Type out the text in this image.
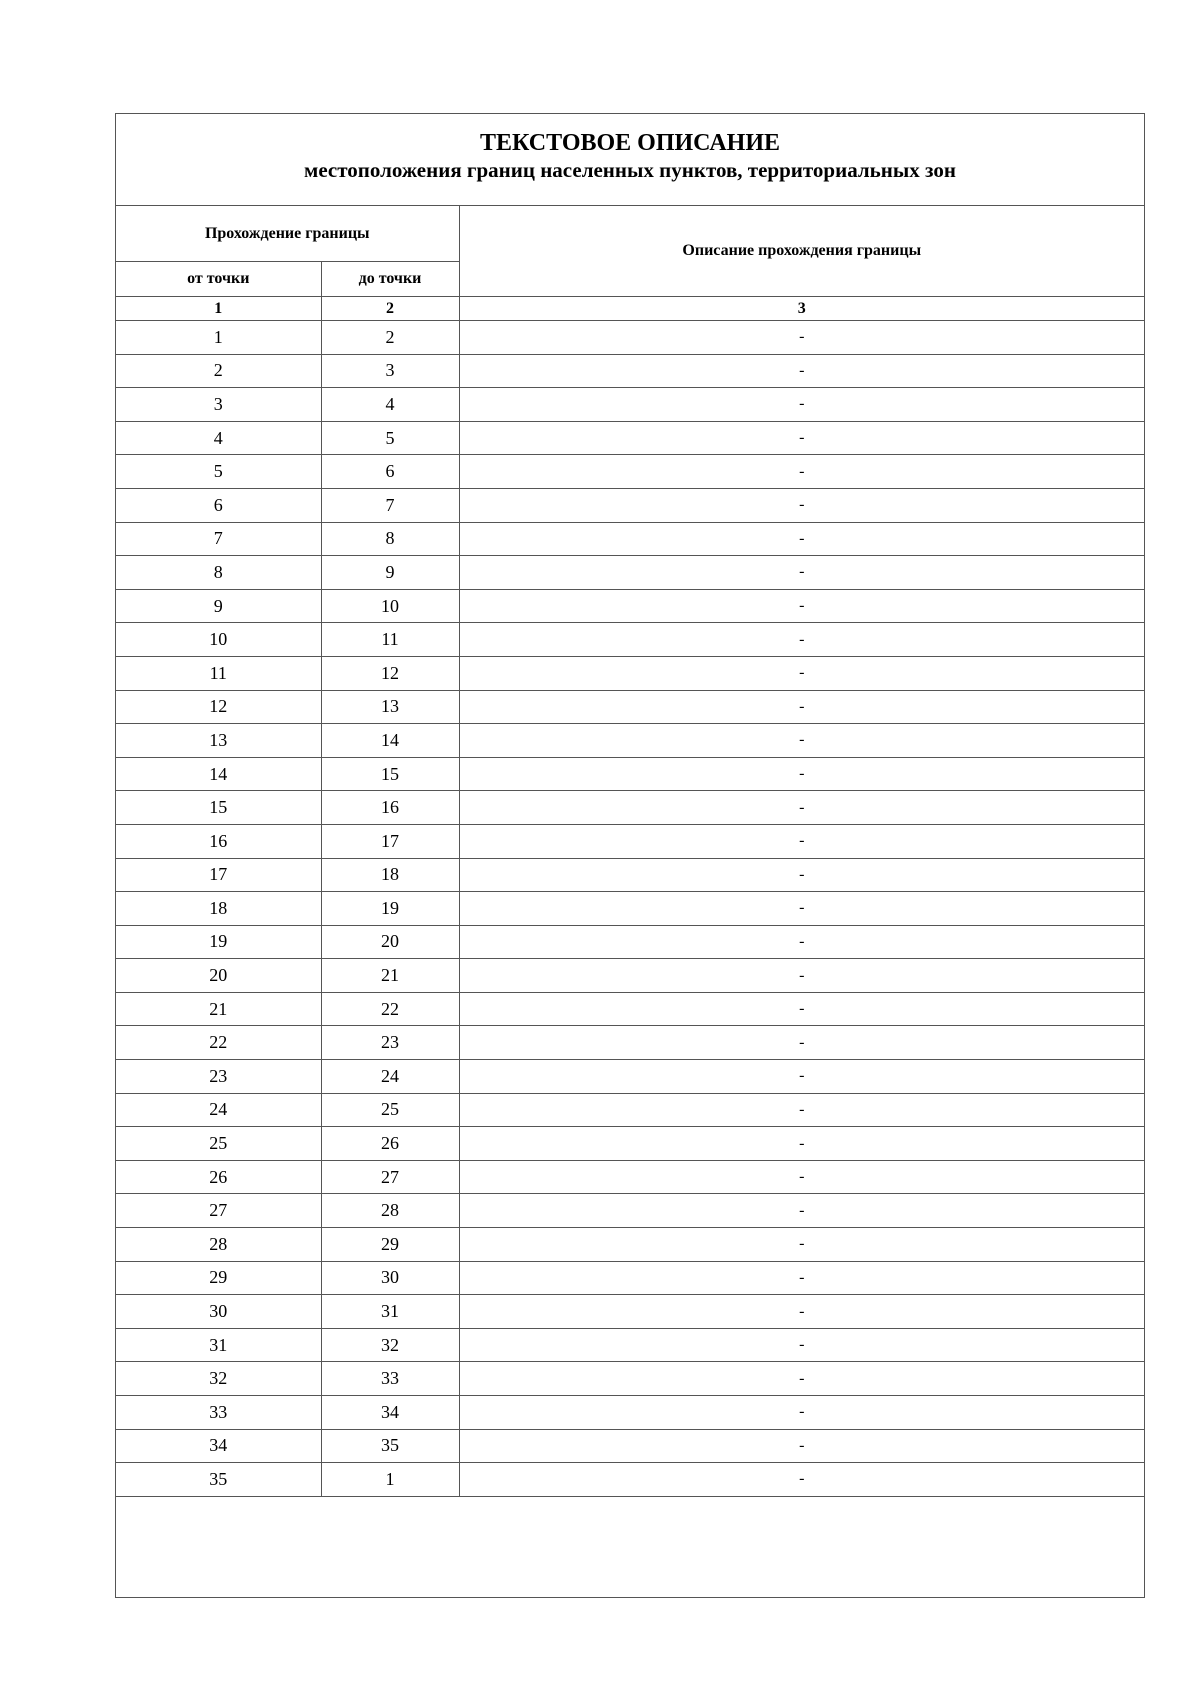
ТЕКСТОВОЕ ОПИСАНИЕ
местоположения границ населенных пунктов, территориальных зон
Прохождение границы		Описание прохождения границы
от точки	до точки	
1	2	3
1	2	-
2	3	-
3	4	-
4	5	-
5	6	-
6	7	-
7	8	-
8	9	-
9	10	-
10	11	-
11	12	-
12	13	-
13	14	-
14	15	-
15	16	-
16	17	-
17	18	-
18	19	-
19	20	-
20	21	-
21	22	-
22	23	-
23	24	-
24	25	-
25	26	-
26	27	-
27	28	-
28	29	-
29	30	-
30	31	-
31	32	-
32	33	-
33	34	-
34	35	-
35	1	-
